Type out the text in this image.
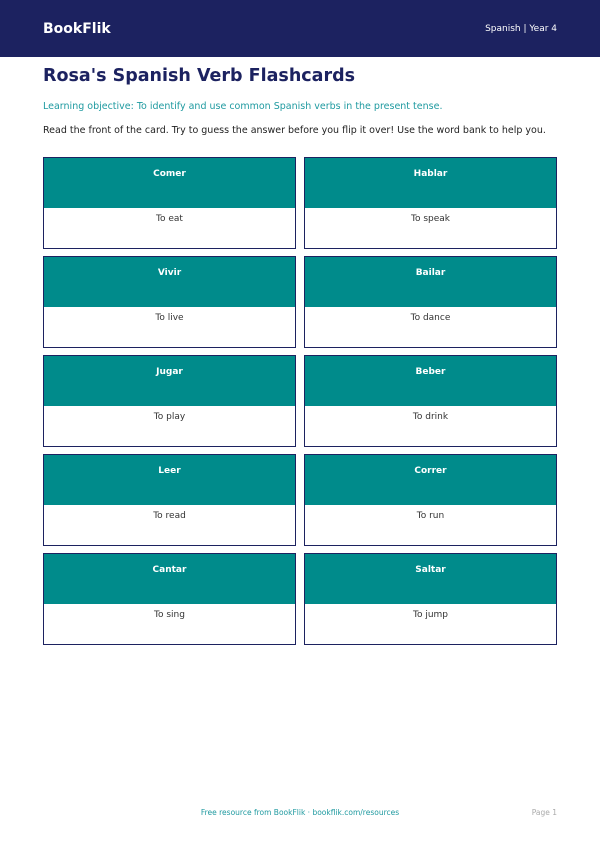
BookFlik	Spanish | Year 4
Rosa's Spanish Verb Flashcards

Learning objective: To identify and use common Spanish verbs in the present tense.

Read the front of the card. Try to guess the answer before you flip it over! Use the word bank to help you.

Comer
To eat
Hablar
To speak
Vivir
To live
Bailar
To dance
Jugar
To play
Beber
To drink
Leer
To read
Correr
To run
Cantar
To sing
Saltar
To jump
Free resource from BookFlik · bookflik.com/resources	Page 1
